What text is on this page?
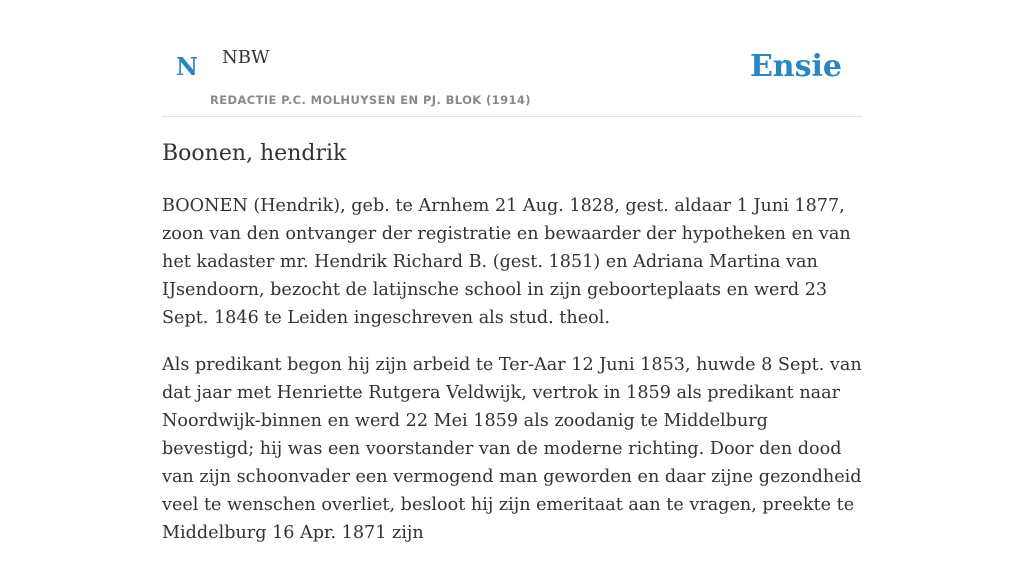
N NBW
REDACTIE P.C. MOLHUYSEN EN PJ. BLOK (1914)
Ensie
Boonen, hendrik

BOONEN (Hendrik), geb. te Arnhem 21 Aug. 1828, gest. aldaar 1 Juni 1877, zoon van den ontvanger der registratie en bewaarder der hypotheken en van het kadaster mr. Hendrik Richard B. (gest. 1851) en Adriana Martina van IJsendoorn, bezocht de latijnsche school in zijn geboorteplaats en werd 23 Sept. 1846 te Leiden ingeschreven als stud. theol.

Als predikant begon hij zijn arbeid te Ter-Aar 12 Juni 1853, huwde 8 Sept. van dat jaar met Henriette Rutgera Veldwijk, vertrok in 1859 als predikant naar Noordwijk-binnen en werd 22 Mei 1859 als zoodanig te Middelburg bevestigd; hij was een voorstander van de moderne richting. Door den dood van zijn schoonvader een vermogend man geworden en daar zijne gezondheid veel te wenschen overliet, besloot hij zijn emeritaat aan te vragen, preekte te Middelburg 16 Apr. 1871 zijn
